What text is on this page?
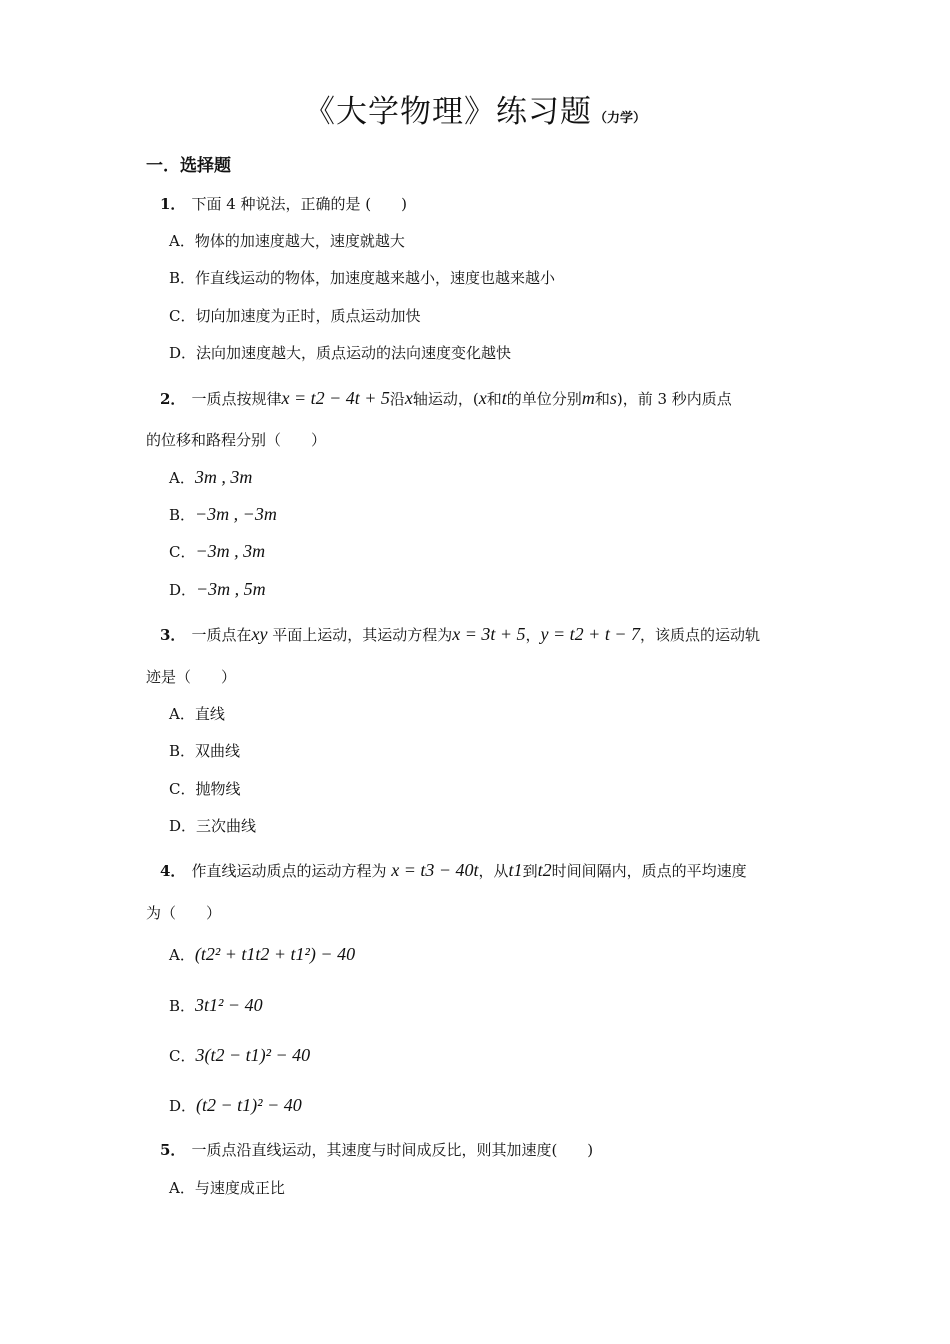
《大学物理》练习题 （力学）
一．选择题
1． 下面 4 种说法，正确的是 (　　)
A．物体的加速度越大，速度就越大
B．作直线运动的物体，加速度越来越小，速度也越来越小
C．切向加速度为正时，质点运动加快
D．法向加速度越大，质点运动的法向速度变化越快
2． 一质点按规律x = t2 − 4t + 5沿x轴运动，(x和t的单位分别m和s)，前 3 秒内质点
的位移和路程分别（　　）
A．3m , 3m
B．−3m , −3m
C．−3m , 3m
D．−3m , 5m
3． 一质点在xy 平面上运动，其运动方程为x = 3t + 5，y = t2 + t − 7，该质点的运动轨
迹是（　　）
A．直线
B．双曲线
C．抛物线
D．三次曲线
4． 作直线运动质点的运动方程为 x = t3 − 40t，从t1到t2时间间隔内，质点的平均速度
为（　　）
A．(t2² + t1t2 + t1²) − 40
B．3t1² − 40
C．3(t2 − t1)² − 40
D．(t2 − t1)² − 40
5． 一质点沿直线运动，其速度与时间成反比，则其加速度(　　)
A．与速度成正比
